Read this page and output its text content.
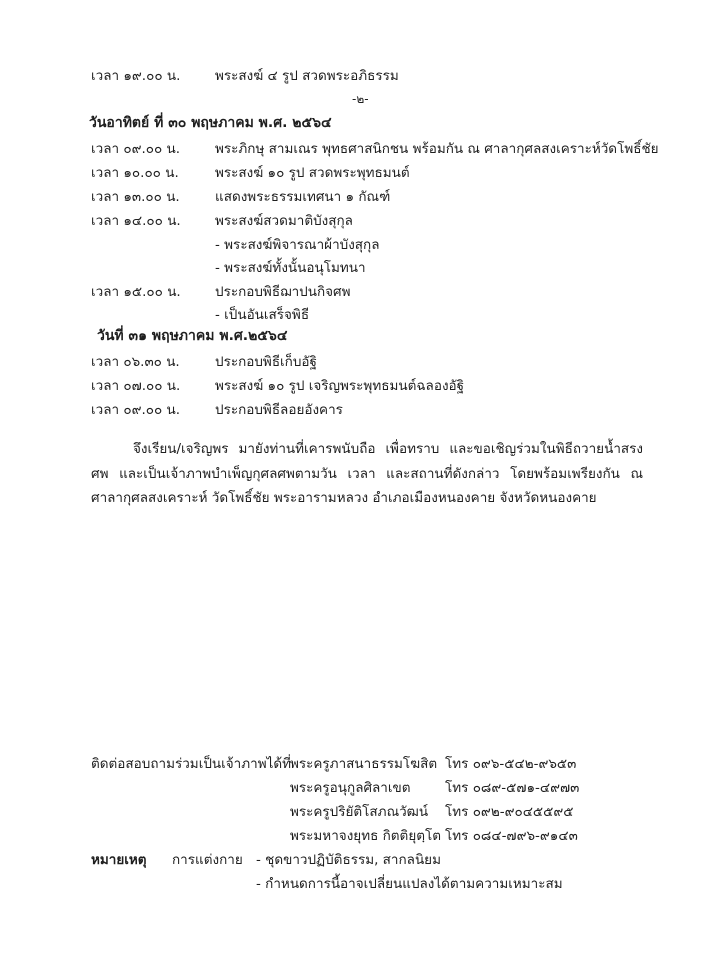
เวลา ๑๙.๐๐ น.	พระสงฆ์ ๔ รูป สวดพระอภิธรรม
-๒-
วันอาทิตย์ ที่ ๓๐ พฤษภาคม พ.ศ. ๒๕๖๔
เวลา ๐๙.๐๐ น.	พระภิกษุ สามเณร พุทธศาสนิกชน พร้อมกัน ณ ศาลากุศลสงเคราะห์วัดโพธิ์ชัย
เวลา ๑๐.๐๐ น.	พระสงฆ์ ๑๐ รูป สวดพระพุทธมนต์
เวลา ๑๓.๐๐ น.	แสดงพระธรรมเทศนา ๑ กัณฑ์
เวลา ๑๔.๐๐ น.	พระสงฆ์สวดมาติบังสุกุล
- พระสงฆ์พิจารณาผ้าบังสุกุล
- พระสงฆ์ทั้งนั้นอนุโมทนา
เวลา ๑๕.๐๐ น.	ประกอบพิธีฌาปนกิจศพ
- เป็นอันเสร็จพิธี
วันที่ ๓๑ พฤษภาคม พ.ศ.๒๕๖๔
เวลา ๐๖.๓๐ น.	ประกอบพิธีเก็บอัฐิ
เวลา ๐๗.๐๐ น.	พระสงฆ์ ๑๐ รูป เจริญพระพุทธมนต์ฉลองอัฐิ
เวลา ๐๙.๐๐ น.	ประกอบพิธีลอยอังคาร
จึงเรียน/เจริญพร มายังท่านที่เคารพนับถือ เพื่อทราบ และขอเชิญร่วมในพิธีถวายน้ำสรงศพ และเป็นเจ้าภาพบำเพ็ญกุศลศพตามวัน เวลา และสถานที่ดังกล่าว โดยพร้อมเพรียงกัน ณ ศาลากุศลสงเคราะห์ วัดโพธิ์ชัย พระอารามหลวง อำเภอเมืองหนองคาย จังหวัดหนองคาย
ติดต่อสอบถามร่วมเป็นเจ้าภาพได้ที่
พระครูภาสนาธรรมโฆสิต โทร ๐๙๖-๕๔๒-๙๖๕๓
พระครูอนุกูลศิลาเขต	โทร ๐๘๙-๕๗๑-๔๙๗๓
พระครูปริยัติโสภณวัฒน์ โทร ๐๙๒-๙๐๔๕๕๙๕
พระมหาจงยุทธ กิตติยุตฺโต โทร ๐๘๔-๗๙๖-๙๑๔๓
หมายเหตุ การแต่งกาย - ชุดขาวปฏิบัติธรรม, สากลนิยม
- กำหนดการนี้อาจเปลี่ยนแปลงได้ตามความเหมาะสม
